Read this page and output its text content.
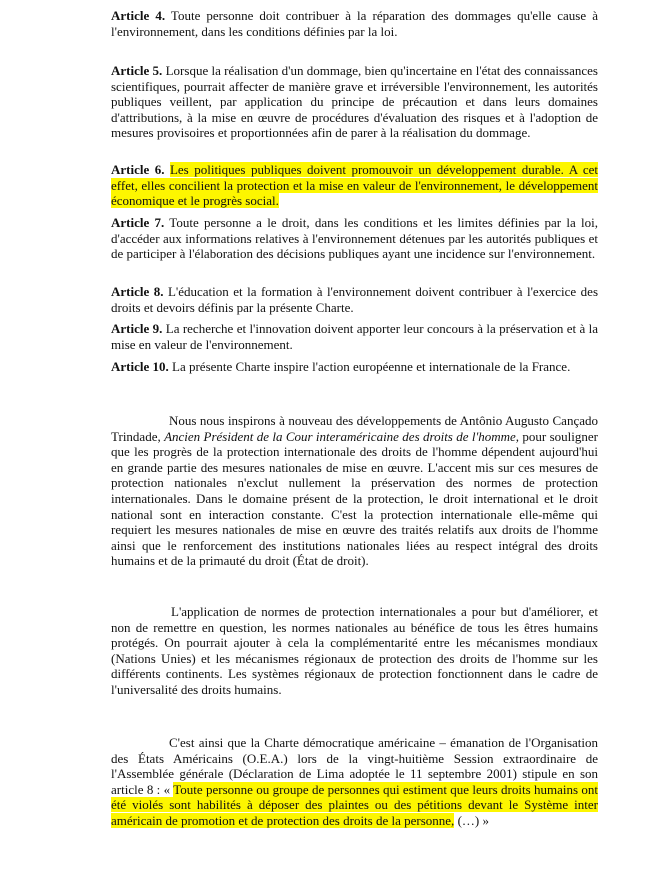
Article 4. Toute personne doit contribuer à la réparation des dommages qu'elle cause à l'environnement, dans les conditions définies par la loi.
Article 5. Lorsque la réalisation d'un dommage, bien qu'incertaine en l'état des connaissances scientifiques, pourrait affecter de manière grave et irréversible l'environnement, les autorités publiques veillent, par application du principe de précaution et dans leurs domaines d'attributions, à la mise en œuvre de procédures d'évaluation des risques et à l'adoption de mesures provisoires et proportionnées afin de parer à la réalisation du dommage.
Article 6. Les politiques publiques doivent promouvoir un développement durable. A cet effet, elles concilient la protection et la mise en valeur de l'environnement, le développement économique et le progrès social.
Article 7. Toute personne a le droit, dans les conditions et les limites définies par la loi, d'accéder aux informations relatives à l'environnement détenues par les autorités publiques et de participer à l'élaboration des décisions publiques ayant une incidence sur l'environnement.
Article 8. L'éducation et la formation à l'environnement doivent contribuer à l'exercice des droits et devoirs définis par la présente Charte.
Article 9. La recherche et l'innovation doivent apporter leur concours à la préservation et à la mise en valeur de l'environnement.
Article 10. La présente Charte inspire l'action européenne et internationale de la France.
Nous nous inspirons à nouveau des développements de Antônio Augusto Cançado Trindade, Ancien Président de la Cour interaméricaine des droits de l'homme, pour souligner que les progrès de la protection internationale des droits de l'homme dépendent aujourd'hui en grande partie des mesures nationales de mise en œuvre. L'accent mis sur ces mesures de protection nationales n'exclut nullement la préservation des normes de protection internationales. Dans le domaine présent de la protection, le droit international et le droit national sont en interaction constante. C'est la protection internationale elle-même qui requiert les mesures nationales de mise en œuvre des traités relatifs aux droits de l'homme ainsi que le renforcement des institutions nationales liées au respect intégral des droits humains et de la primauté du droit (État de droit).
L'application de normes de protection internationales a pour but d'améliorer, et non de remettre en question, les normes nationales au bénéfice de tous les êtres humains protégés. On pourrait ajouter à cela la complémentarité entre les mécanismes mondiaux (Nations Unies) et les mécanismes régionaux de protection des droits de l'homme sur les différents continents. Les systèmes régionaux de protection fonctionnent dans le cadre de l'universalité des droits humains.
C'est ainsi que la Charte démocratique américaine – émanation de l'Organisation des États Américains (O.E.A.) lors de la vingt-huitième Session extraordinaire de l'Assemblée générale (Déclaration de Lima adoptée le 11 septembre 2001) stipule en son article 8 : « Toute personne ou groupe de personnes qui estiment que leurs droits humains ont été violés sont habilités à déposer des plaintes ou des pétitions devant le Système inter américain de promotion et de protection des droits de la personne, (…) »
